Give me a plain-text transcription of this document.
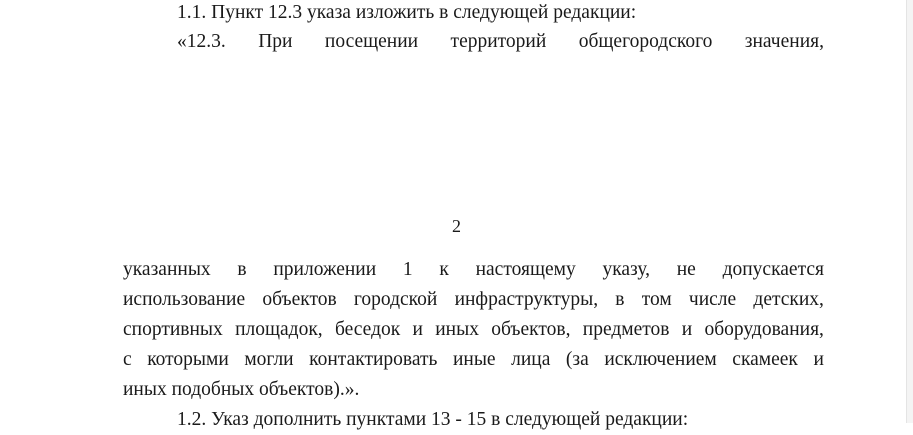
1.1. Пункт 12.3 указа изложить в следующей редакции:
«12.3. При посещении территорий общегородского значения,
2
указанных в приложении 1 к настоящему указу, не допускается
использование объектов городской инфраструктуры, в том числе детских,
спортивных площадок, беседок и иных объектов, предметов и оборудования,
с которыми могли контактировать иные лица (за исключением скамеек и
иных подобных объектов).».
1.2. Указ дополнить пунктами 13 - 15 в следующей редакции:
